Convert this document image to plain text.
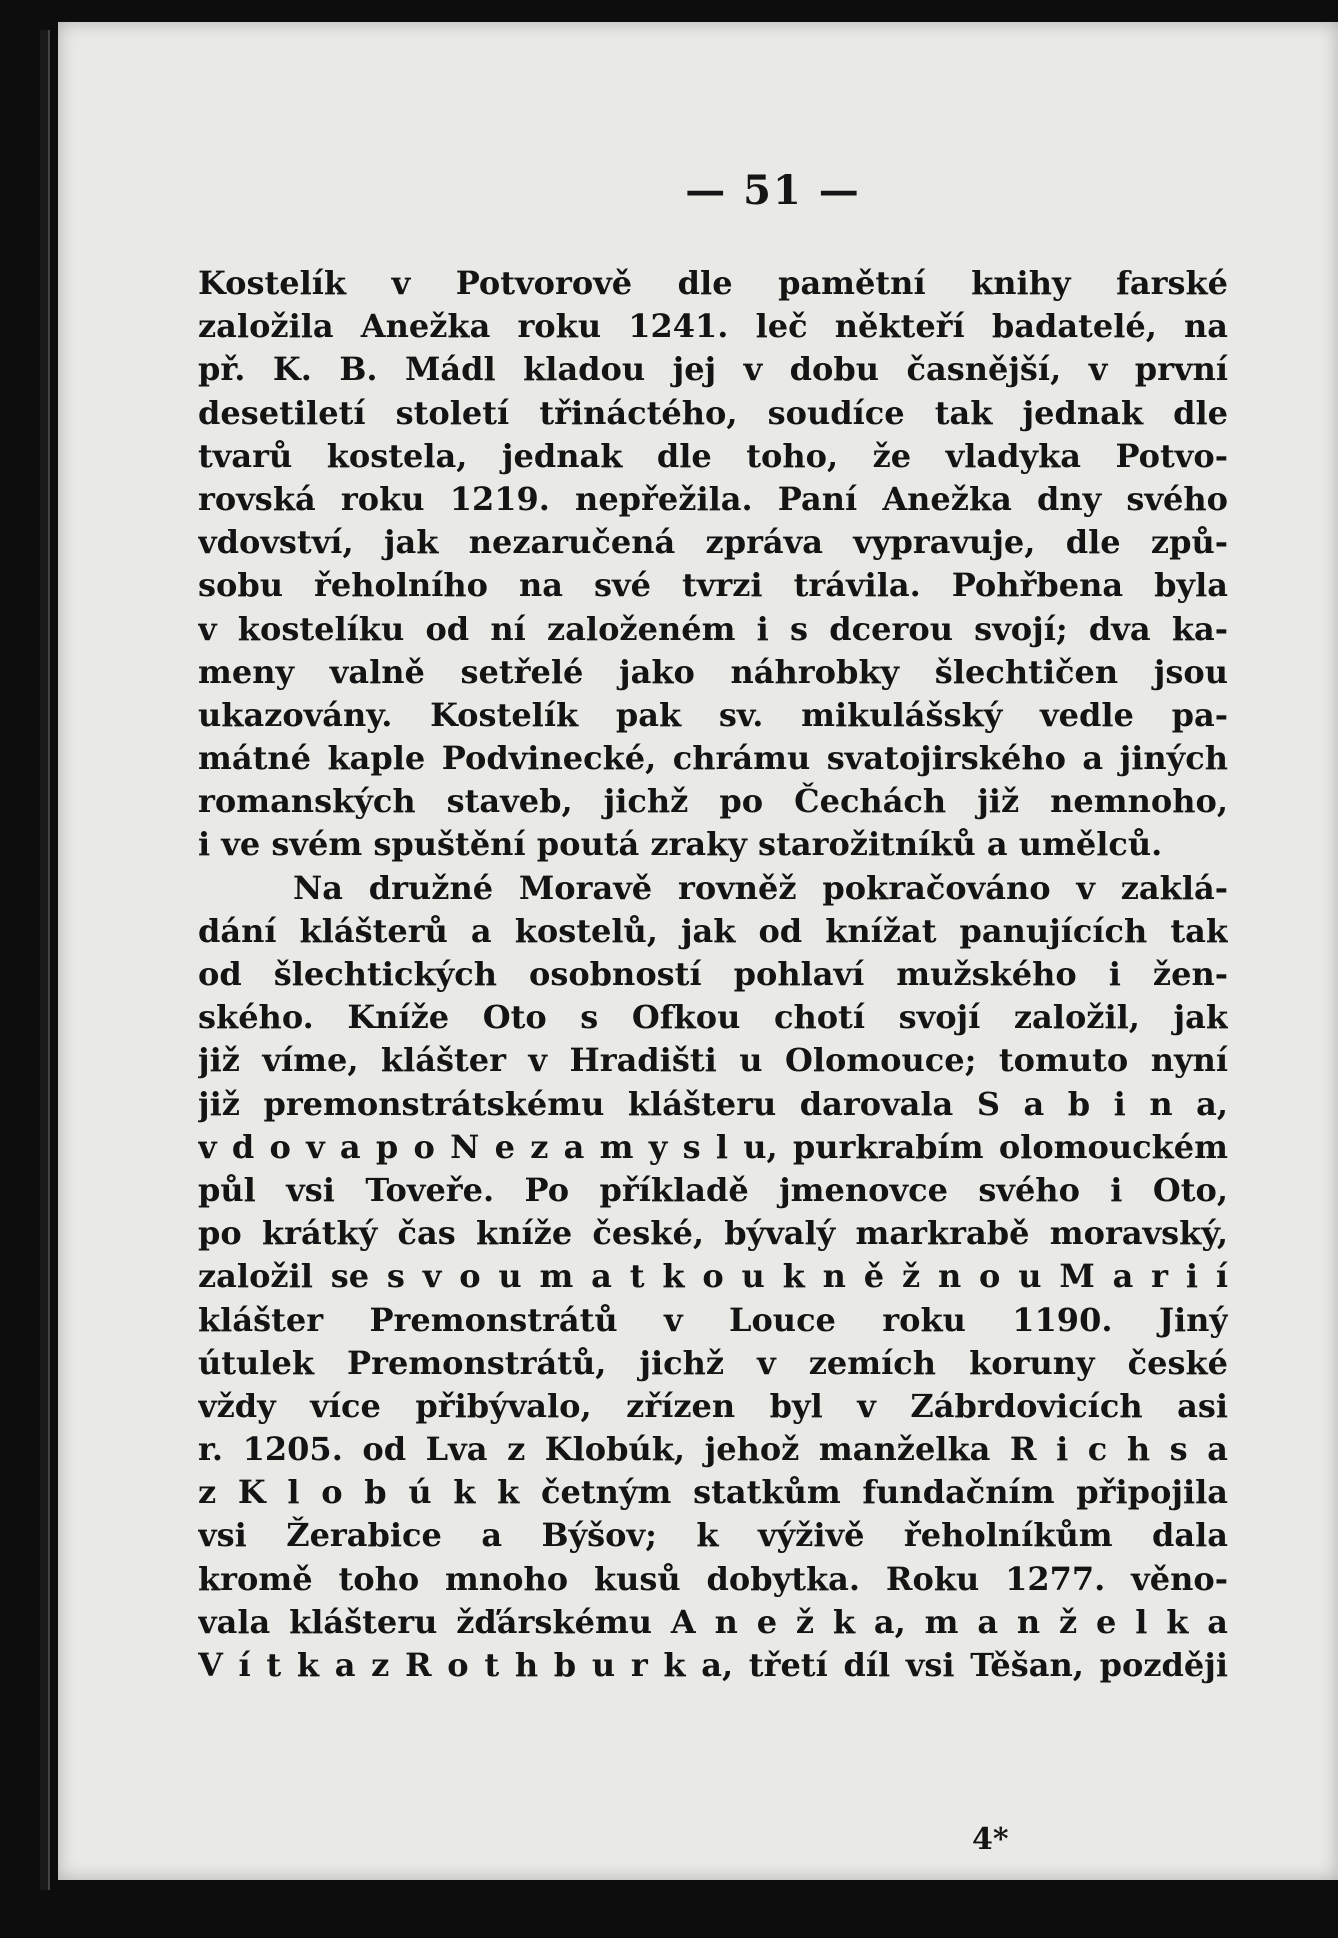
— 51 —
Kostelík v Potvorově dle pamětní knihy farské
založila Anežka roku 1241. leč někteří badatelé, na
př. K. B. Mádl kladou jej v dobu časnější, v první
desetiletí století třináctého, soudíce tak jednak dle
tvarů kostela, jednak dle toho, že vladyka Potvo-
rovská roku 1219. nepřežila. Paní Anežka dny svého
vdovství, jak nezaručená zpráva vypravuje, dle způ-
sobu řeholního na své tvrzi trávila. Pohřbena byla
v kostelíku od ní založeném i s dcerou svojí; dva ka-
meny valně setřelé jako náhrobky šlechtičen jsou
ukazovány. Kostelík pak sv. mikulášský vedle pa-
mátné kaple Podvinecké, chrámu svatojirského a jiných
romanských staveb, jichž po Čechách již nemnoho,
i ve svém spuštění poutá zraky starožitníků a umělců.
Na družné Moravě rovněž pokračováno v zaklá-
dání klášterů a kostelů, jak od knížat panujících tak
od šlechtických osobností pohlaví mužského i žen-
ského. Kníže Oto s Ofkou chotí svojí založil, jak
již víme, klášter v Hradišti u Olomouce; tomuto nyní
již premonstrátskému klášteru darovala S a b i n a,
v d o v a p o N e z a m y s l u, purkrabím olomouckém
půl vsi Toveře. Po příkladě jmenovce svého i Oto,
po krátký čas kníže české, bývalý markrabě moravský,
založil se s v o u m a t k o u k n ě ž n o u M a r i í
klášter Premonstrátů v Louce roku 1190. Jiný
útulek Premonstrátů, jichž v zemích koruny české
vždy více přibývalo, zřízen byl v Zábrdovicích asi
r. 1205. od Lva z Klobúk, jehož manželka R i c h s a
z K l o b ú k k četným statkům fundačním připojila
vsi Žerabice a Býšov; k výživě řeholníkům dala
kromě toho mnoho kusů dobytka. Roku 1277. věno-
vala klášteru žďárskému A n e ž k a, m a n ž e l k a
V í t k a z R o t h b u r k a, třetí díl vsi Těšan, později
4*
